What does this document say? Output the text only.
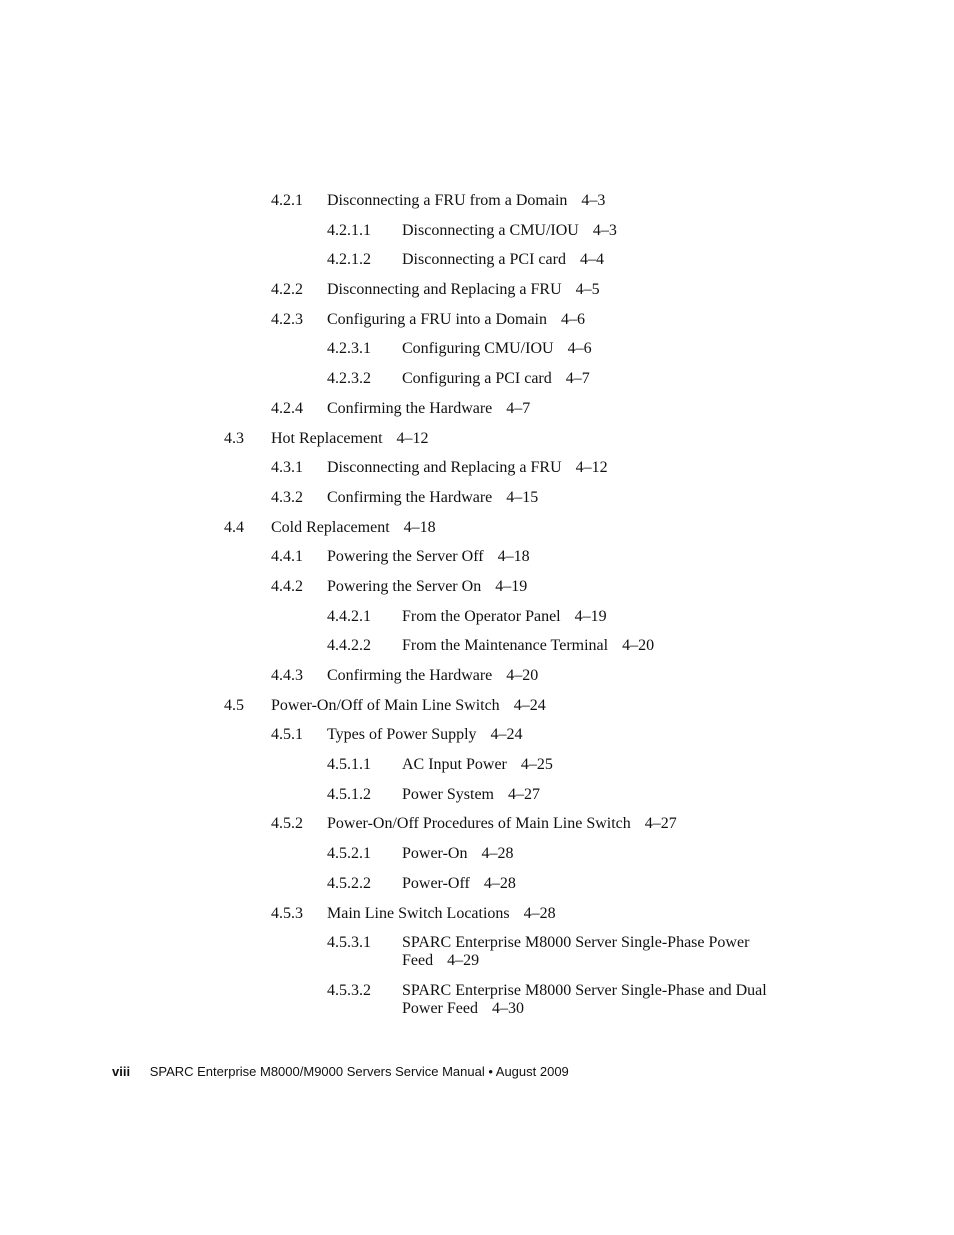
4.2.1 Disconnecting a FRU from a Domain 4–3
4.2.1.1 Disconnecting a CMU/IOU 4–3
4.2.1.2 Disconnecting a PCI card 4–4
4.2.2 Disconnecting and Replacing a FRU 4–5
4.2.3 Configuring a FRU into a Domain 4–6
4.2.3.1 Configuring CMU/IOU 4–6
4.2.3.2 Configuring a PCI card 4–7
4.2.4 Confirming the Hardware 4–7
4.3 Hot Replacement 4–12
4.3.1 Disconnecting and Replacing a FRU 4–12
4.3.2 Confirming the Hardware 4–15
4.4 Cold Replacement 4–18
4.4.1 Powering the Server Off 4–18
4.4.2 Powering the Server On 4–19
4.4.2.1 From the Operator Panel 4–19
4.4.2.2 From the Maintenance Terminal 4–20
4.4.3 Confirming the Hardware 4–20
4.5 Power-On/Off of Main Line Switch 4–24
4.5.1 Types of Power Supply 4–24
4.5.1.1 AC Input Power 4–25
4.5.1.2 Power System 4–27
4.5.2 Power-On/Off Procedures of Main Line Switch 4–27
4.5.2.1 Power-On 4–28
4.5.2.2 Power-Off 4–28
4.5.3 Main Line Switch Locations 4–28
4.5.3.1 SPARC Enterprise M8000 Server Single-Phase Power Feed 4–29
4.5.3.2 SPARC Enterprise M8000 Server Single-Phase and Dual Power Feed 4–30
viii SPARC Enterprise M8000/M9000 Servers Service Manual • August 2009
